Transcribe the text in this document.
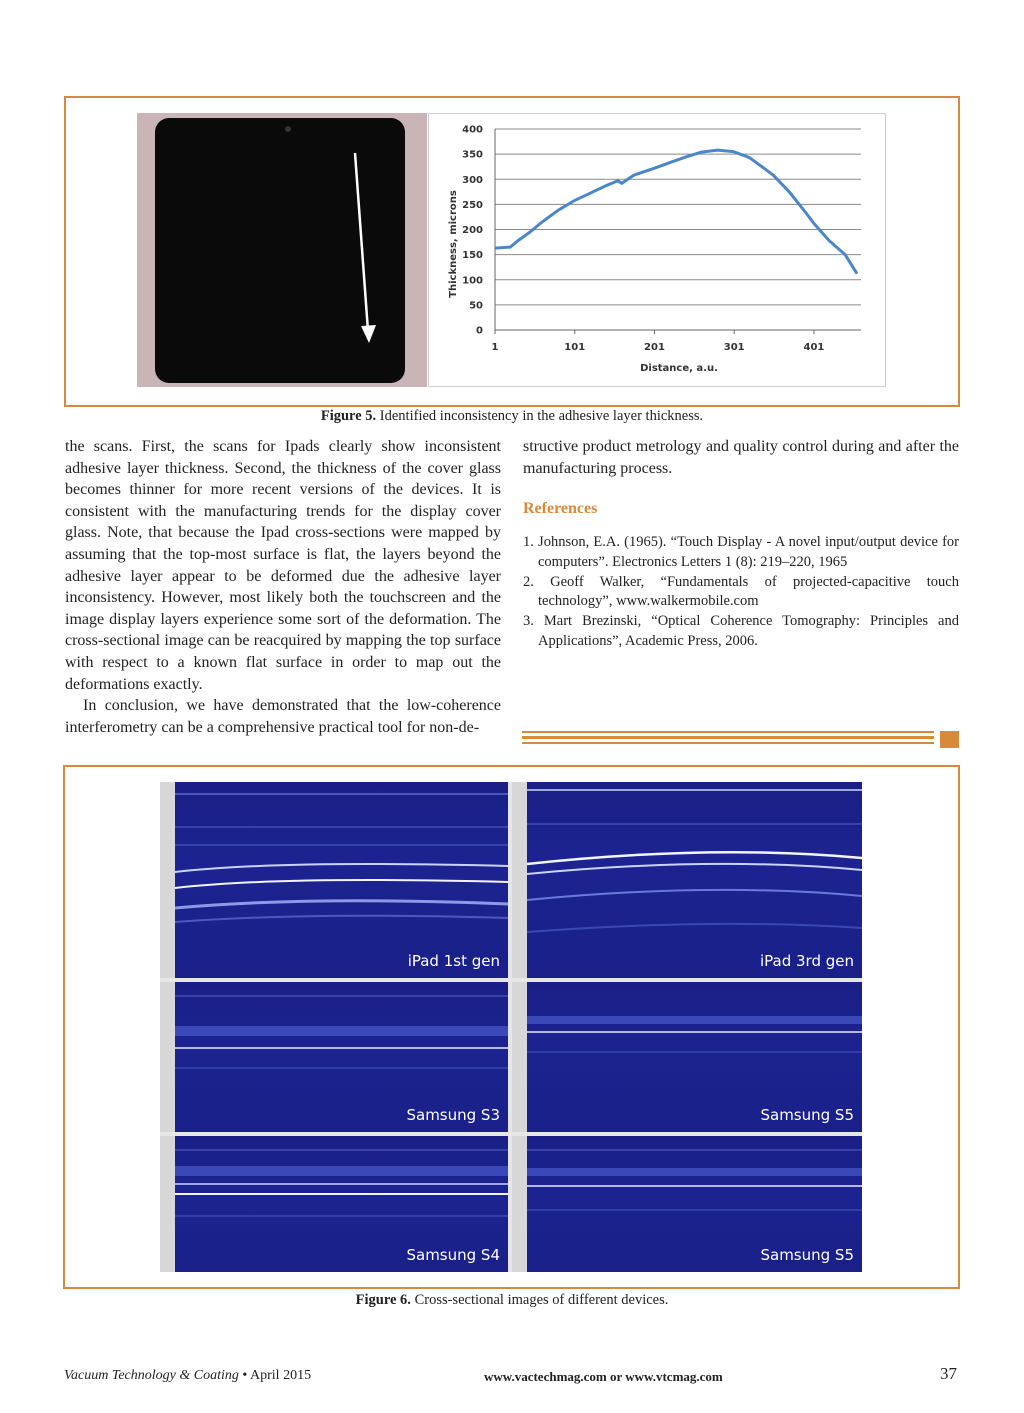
0
50
100
150
200
250
300
350
400
1	101	201	301	401
Thickness, microns
Distance, a.u.
Figure 5. Identified inconsistency in the adhesive layer thickness.

the scans. First, the scans for Ipads clearly show inconsistent adhesive layer thickness. Second, the thickness of the cover glass becomes thinner for more recent versions of the devices. It is consistent with the manufacturing trends for the display cover glass. Note, that because the Ipad cross-sections were mapped by assuming that the top-most surface is flat, the layers beyond the adhesive layer appear to be deformed due the adhesive layer inconsistency. However, most likely both the touchscreen and the image display layers experience some sort of the deformation. The cross-sectional image can be reacquired by mapping the top surface with respect to a known flat surface in order to map out the deformations exactly.

In conclusion, we have demonstrated that the low-coherence interferometry can be a comprehensive practical tool for non-de-

structive product metrology and quality control during and after the manufacturing process.

References
1. Johnson, E.A. (1965). “Touch Display - A novel input/output device for computers”. Electronics Letters 1 (8): 219–220, 1965
2. Geoff Walker, “Fundamentals of projected-capacitive touch technology”, www.walkermobile.com
3. Mart Brezinski, “Optical Coherence Tomography: Principles and Applications”, Academic Press, 2006.
iPad 1st gen	iPad 3rd gen
Samsung S3	Samsung S5
Samsung S4	Samsung S5
Figure 6. Cross-sectional images of different devices.
Vacuum Technology & Coating • April 2015	www.vactechmag.com or www.vtcmag.com	37
